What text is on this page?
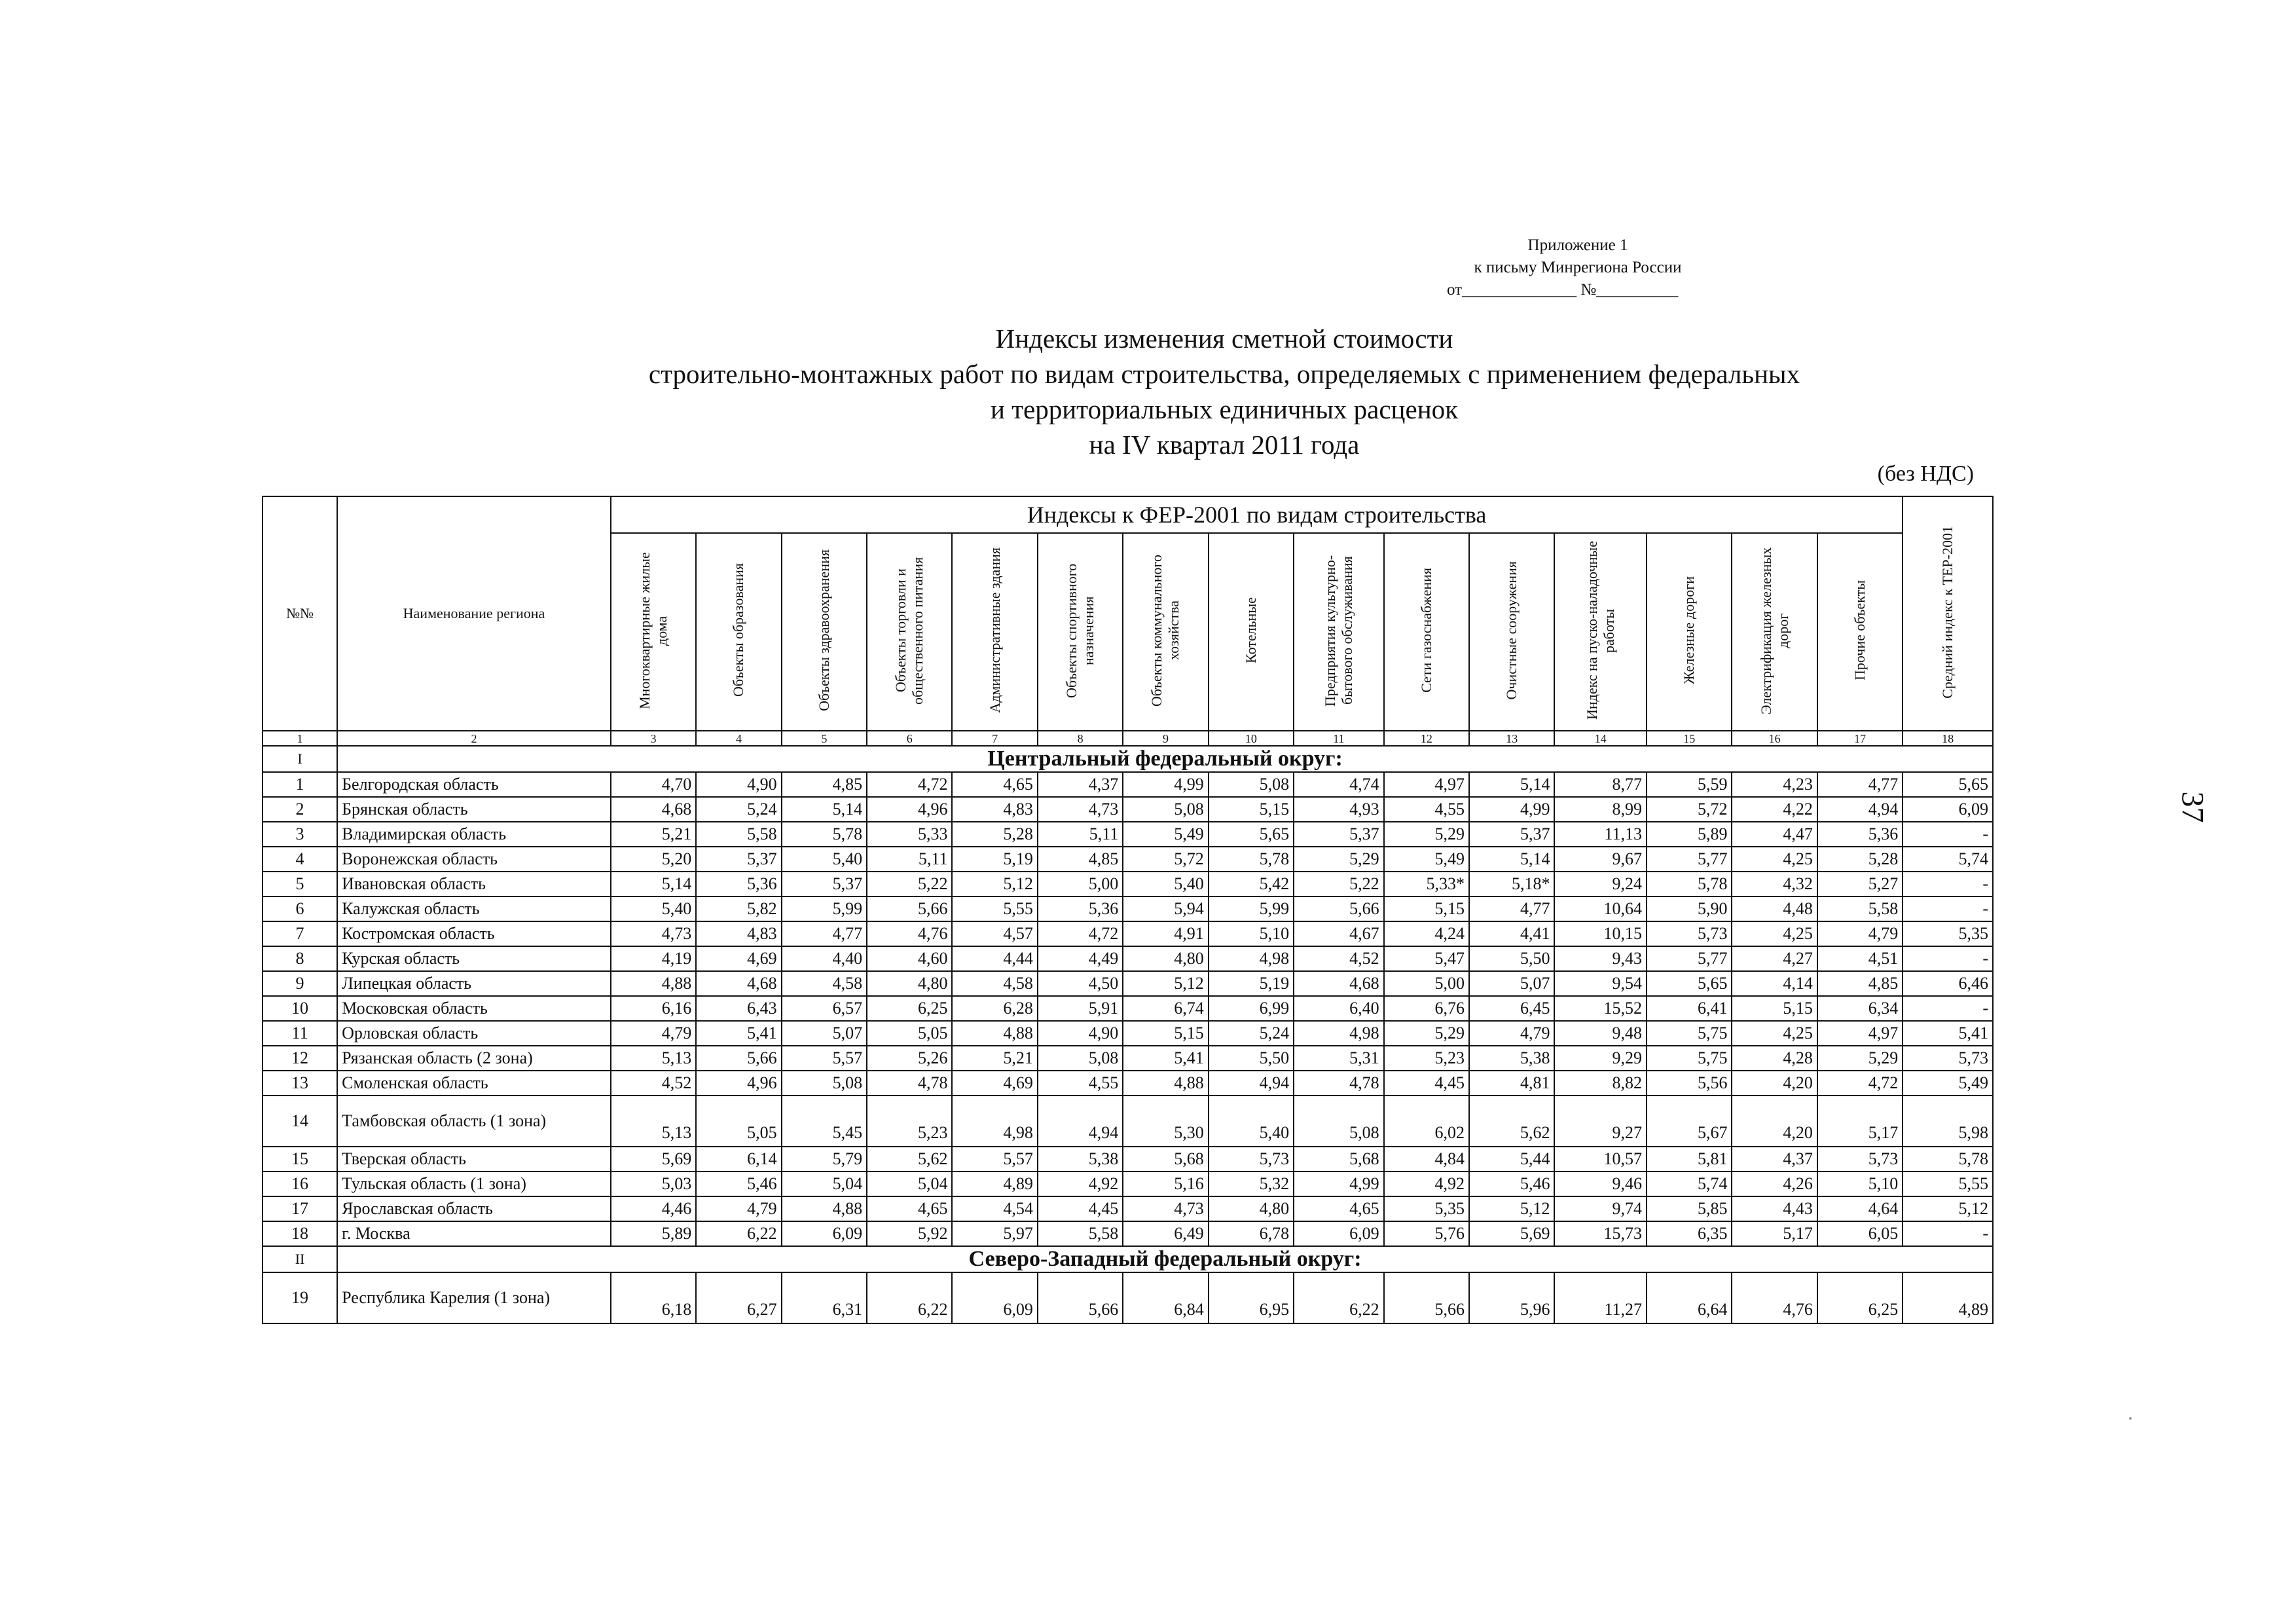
Приложение 1
к письму Минрегиона России
от______________ №__________
Индексы изменения сметной стоимости
строительно-монтажных работ по видам строительства, определяемых с применением федеральных
и территориальных единичных расценок
на IV квартал 2011 года
(без НДС)
37
№№	Наименование региона	Индексы к ФЕР-2001 по видам строительства															Средний индекс к ТЕР-2001
		Многоквартирные жилые дома	Объекты образования	Объекты здравоохранения	Объекты торговли и общественного питания	Административные здания	Объекты спортивного назначения	Объекты коммунального хозяйства	Котельные	Предприятия культурно-бытового обслуживания	Сети газоснабжения	Очистные сооружения	Индекс на пуско-наладочные работы	Железные дороги	Электрификация железных дорог	Прочие объекты	
1	2	3	4	5	6	7	8	9	10	11	12	13	14	15	16	17	18
I	Центральный федеральный округ:																
1	Белгородская область	4,70	4,90	4,85	4,72	4,65	4,37	4,99	5,08	4,74	4,97	5,14	8,77	5,59	4,23	4,77	5,65
2	Брянская область	4,68	5,24	5,14	4,96	4,83	4,73	5,08	5,15	4,93	4,55	4,99	8,99	5,72	4,22	4,94	6,09
3	Владимирская область	5,21	5,58	5,78	5,33	5,28	5,11	5,49	5,65	5,37	5,29	5,37	11,13	5,89	4,47	5,36	-
4	Воронежская область	5,20	5,37	5,40	5,11	5,19	4,85	5,72	5,78	5,29	5,49	5,14	9,67	5,77	4,25	5,28	5,74
5	Ивановская область	5,14	5,36	5,37	5,22	5,12	5,00	5,40	5,42	5,22	5,33*	5,18*	9,24	5,78	4,32	5,27	-
6	Калужская область	5,40	5,82	5,99	5,66	5,55	5,36	5,94	5,99	5,66	5,15	4,77	10,64	5,90	4,48	5,58	-
7	Костромская область	4,73	4,83	4,77	4,76	4,57	4,72	4,91	5,10	4,67	4,24	4,41	10,15	5,73	4,25	4,79	5,35
8	Курская область	4,19	4,69	4,40	4,60	4,44	4,49	4,80	4,98	4,52	5,47	5,50	9,43	5,77	4,27	4,51	-
9	Липецкая область	4,88	4,68	4,58	4,80	4,58	4,50	5,12	5,19	4,68	5,00	5,07	9,54	5,65	4,14	4,85	6,46
10	Московская область	6,16	6,43	6,57	6,25	6,28	5,91	6,74	6,99	6,40	6,76	6,45	15,52	6,41	5,15	6,34	-
11	Орловская область	4,79	5,41	5,07	5,05	4,88	4,90	5,15	5,24	4,98	5,29	4,79	9,48	5,75	4,25	4,97	5,41
12	Рязанская область (2 зона)	5,13	5,66	5,57	5,26	5,21	5,08	5,41	5,50	5,31	5,23	5,38	9,29	5,75	4,28	5,29	5,73
13	Смоленская область	4,52	4,96	5,08	4,78	4,69	4,55	4,88	4,94	4,78	4,45	4,81	8,82	5,56	4,20	4,72	5,49
14	Тамбовская область (1 зона)	5,13	5,05	5,45	5,23	4,98	4,94	5,30	5,40	5,08	6,02	5,62	9,27	5,67	4,20	5,17	5,98
15	Тверская область	5,69	6,14	5,79	5,62	5,57	5,38	5,68	5,73	5,68	4,84	5,44	10,57	5,81	4,37	5,73	5,78
16	Тульская область (1 зона)	5,03	5,46	5,04	5,04	4,89	4,92	5,16	5,32	4,99	4,92	5,46	9,46	5,74	4,26	5,10	5,55
17	Ярославская область	4,46	4,79	4,88	4,65	4,54	4,45	4,73	4,80	4,65	5,35	5,12	9,74	5,85	4,43	4,64	5,12
18	г. Москва	5,89	6,22	6,09	5,92	5,97	5,58	6,49	6,78	6,09	5,76	5,69	15,73	6,35	5,17	6,05	-
II	Северо-Западный федеральный округ:																
19	Республика Карелия (1 зона)	6,18	6,27	6,31	6,22	6,09	5,66	6,84	6,95	6,22	5,66	5,96	11,27	6,64	4,76	6,25	4,89
